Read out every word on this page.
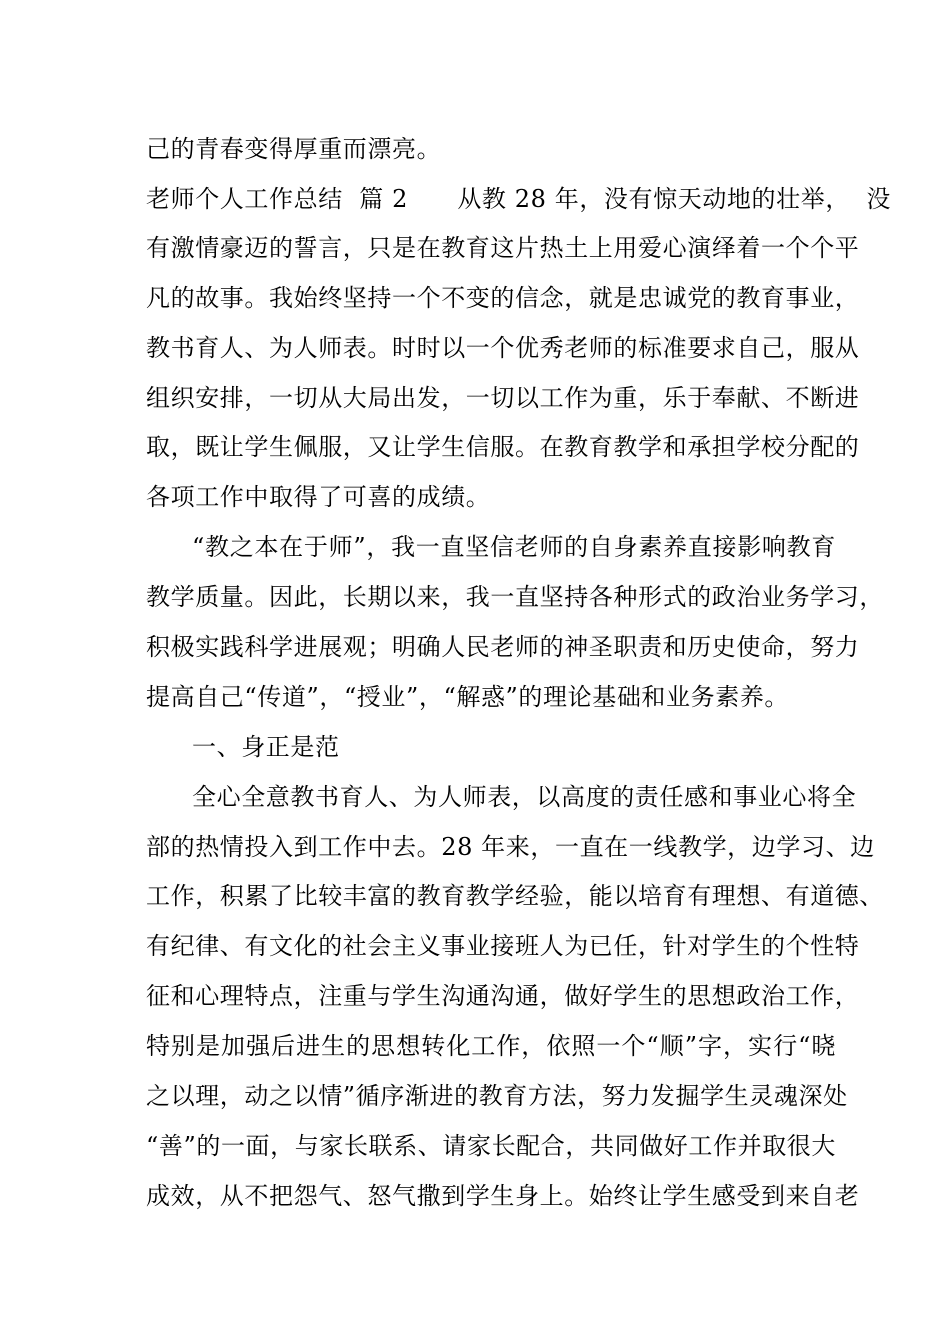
己的青春变得厚重而漂亮。
老师个人工作总结  篇 2      从教 28 年，没有惊天动地的壮举，  没
有激情豪迈的誓言，只是在教育这片热土上用爱心演绎着一个个平
凡的故事。我始终坚持一个不变的信念，就是忠诚党的教育事业，
教书育人、为人师表。时时以一个优秀老师的标准要求自己，服从
组织安排，一切从大局出发，一切以工作为重，乐于奉献、不断进
取，既让学生佩服，又让学生信服。在教育教学和承担学校分配的
各项工作中取得了可喜的成绩。
“教之本在于师”，我一直坚信老师的自身素养直接影响教育
教学质量。因此，长期以来，我一直坚持各种形式的政治业务学习，
积极实践科学进展观；明确人民老师的神圣职责和历史使命，努力
提高自己“传道”，“授业”，“解惑”的理论基础和业务素养。
一、身正是范
全心全意教书育人、为人师表，以高度的责任感和事业心将全
部的热情投入到工作中去。28 年来，一直在一线教学，边学习、边
工作，积累了比较丰富的教育教学经验，能以培育有理想、有道德、
有纪律、有文化的社会主义事业接班人为已任，针对学生的个性特
征和心理特点，注重与学生沟通沟通，做好学生的思想政治工作，
特别是加强后进生的思想转化工作，依照一个“顺”字，实行“晓
之以理，动之以情”循序渐进的教育方法，努力发掘学生灵魂深处
“善”的一面，与家长联系、请家长配合，共同做好工作并取很大
成效，从不把怨气、怒气撒到学生身上。始终让学生感受到来自老
